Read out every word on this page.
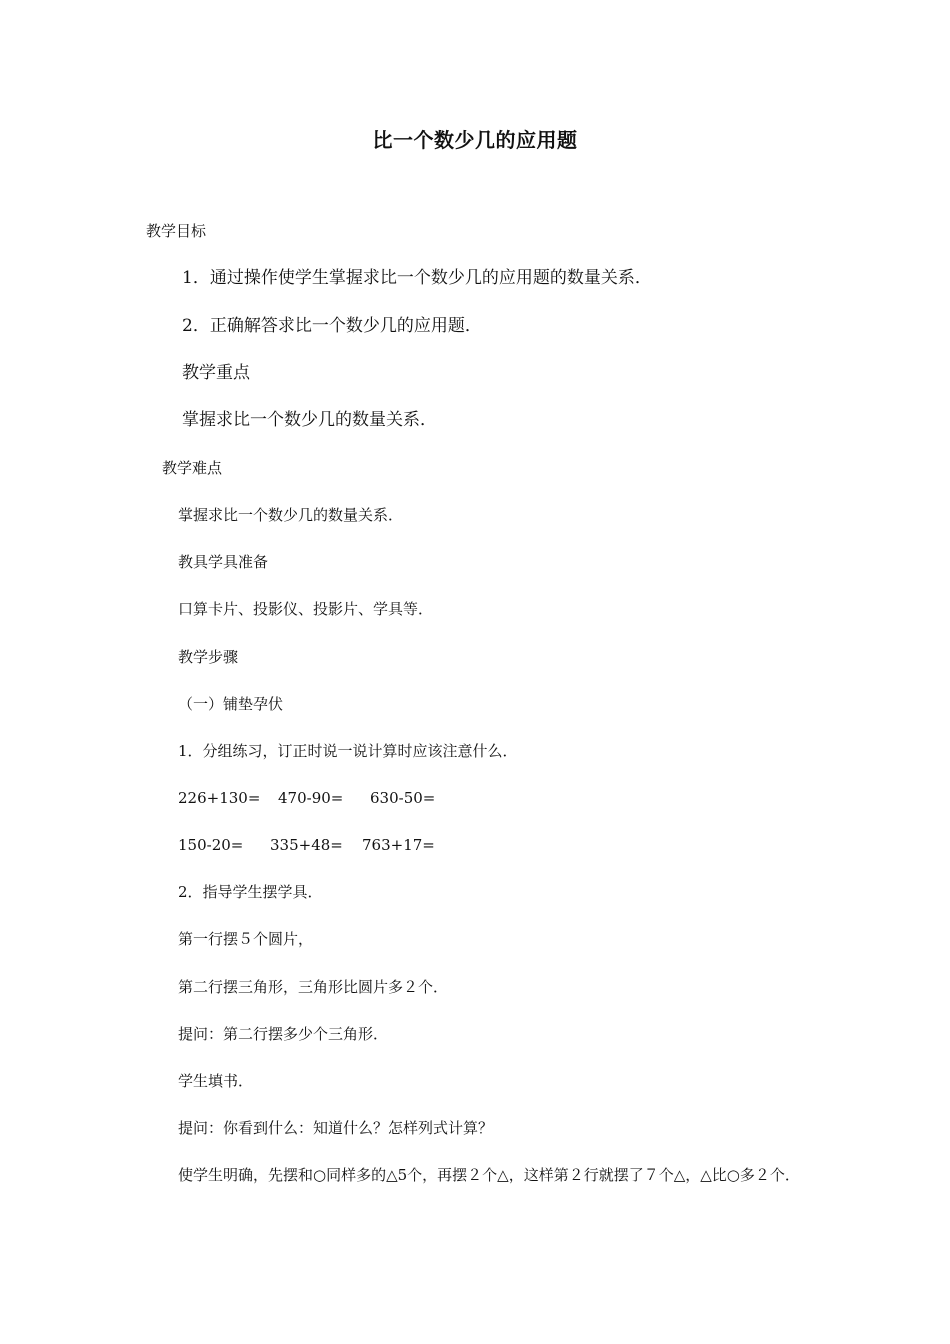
比一个数少几的应用题
教学目标
1．通过操作使学生掌握求比一个数少几的应用题的数量关系．
2．正确解答求比一个数少几的应用题．
教学重点
掌握求比一个数少几的数量关系．
教学难点
掌握求比一个数少几的数量关系．
教具学具准备
口算卡片、投影仪、投影片、学具等．
教学步骤
（一）铺垫孕伏
1．分组练习，订正时说一说计算时应该注意什么．
226+130= 470-90= 630-50=
150-20= 335+48= 763+17=
2．指导学生摆学具．
第一行摆５个圆片，
第二行摆三角形，三角形比圆片多２个．
提问：第二行摆多少个三角形．
学生填书．
提问：你看到什么：知道什么？怎样列式计算？
使学生明确，先摆和○同样多的△5个，再摆２个△，这样第２行就摆了７个△，△比○多２个．
